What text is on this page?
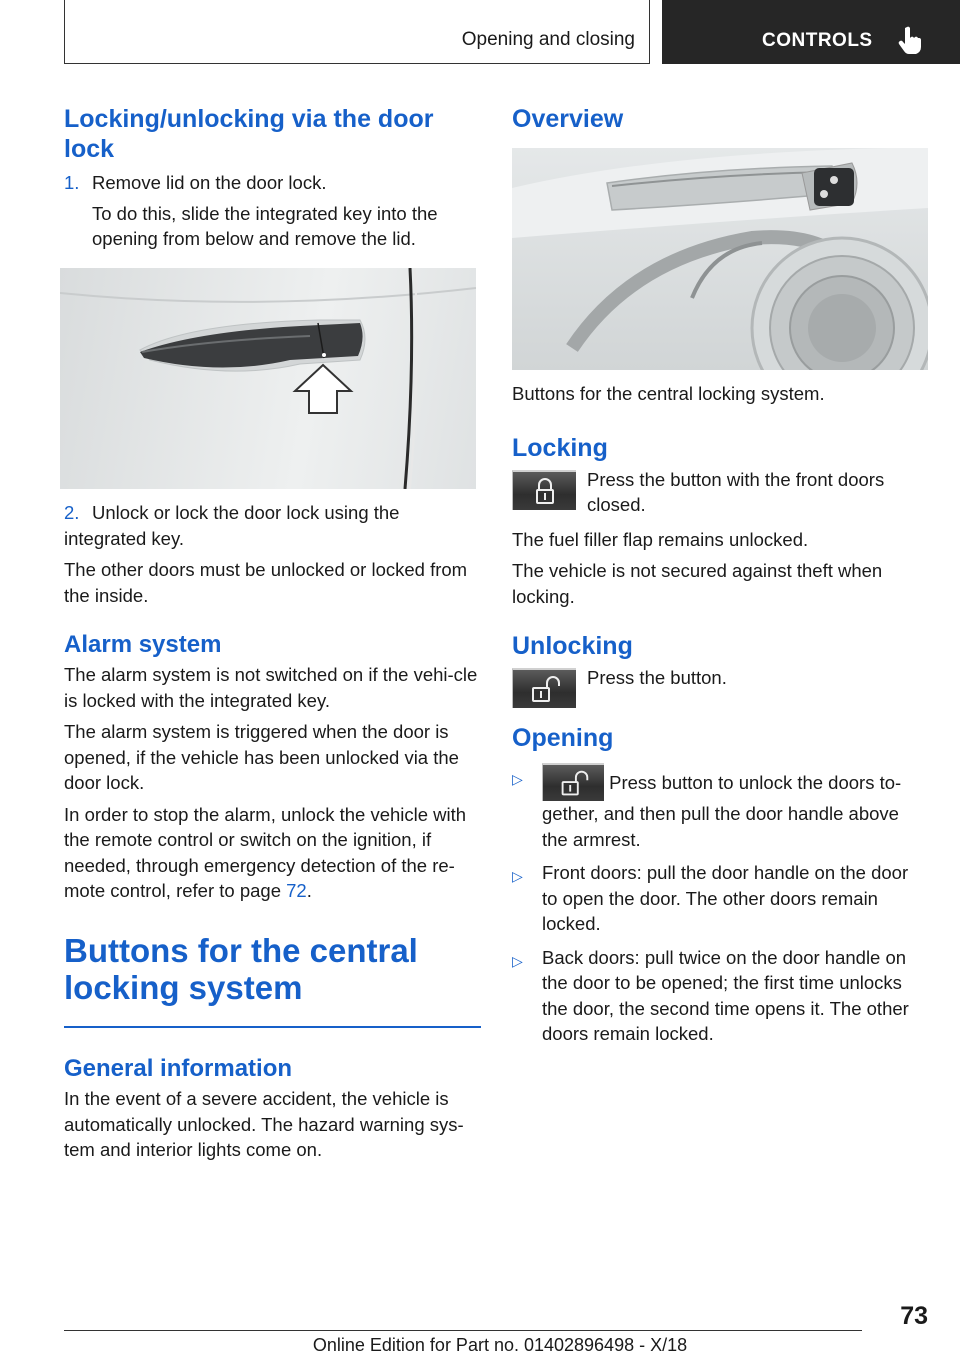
Opening and closing	CONTROLS
Locking/unlocking via the door lock
1. Remove lid on the door lock.
To do this, slide the integrated key into the opening from below and remove the lid.
2. Unlock or lock the door lock using the integrated key.

The other doors must be unlocked or locked from the inside.

Alarm system

The alarm system is not switched on if the vehi‐cle is locked with the integrated key.

The alarm system is triggered when the door is opened, if the vehicle has been unlocked via the door lock.

In order to stop the alarm, unlock the vehicle with the remote control or switch on the ignition, if needed, through emergency detection of the re‐mote control, refer to page 72.

Buttons for the central locking system
General information

In the event of a severe accident, the vehicle is automatically unlocked. The hazard warning sys‐tem and interior lights come on.

Overview

Buttons for the central locking system.

Locking
Press the button with the front doors closed.

The fuel filler flap remains unlocked.

The vehicle is not secured against theft when locking.

Unlocking
Press the button.
Opening
▷	Press button to unlock the doors to‐gether, and then pull the door handle above the armrest.
▷ Front doors: pull the door handle on the door to open the door. The other doors remain locked.
▷ Back doors: pull twice on the door handle on the door to be opened; the first time unlocks the door, the second time opens it. The other doors remain locked.
73
Online Edition for Part no. 01402896498 - X/18
